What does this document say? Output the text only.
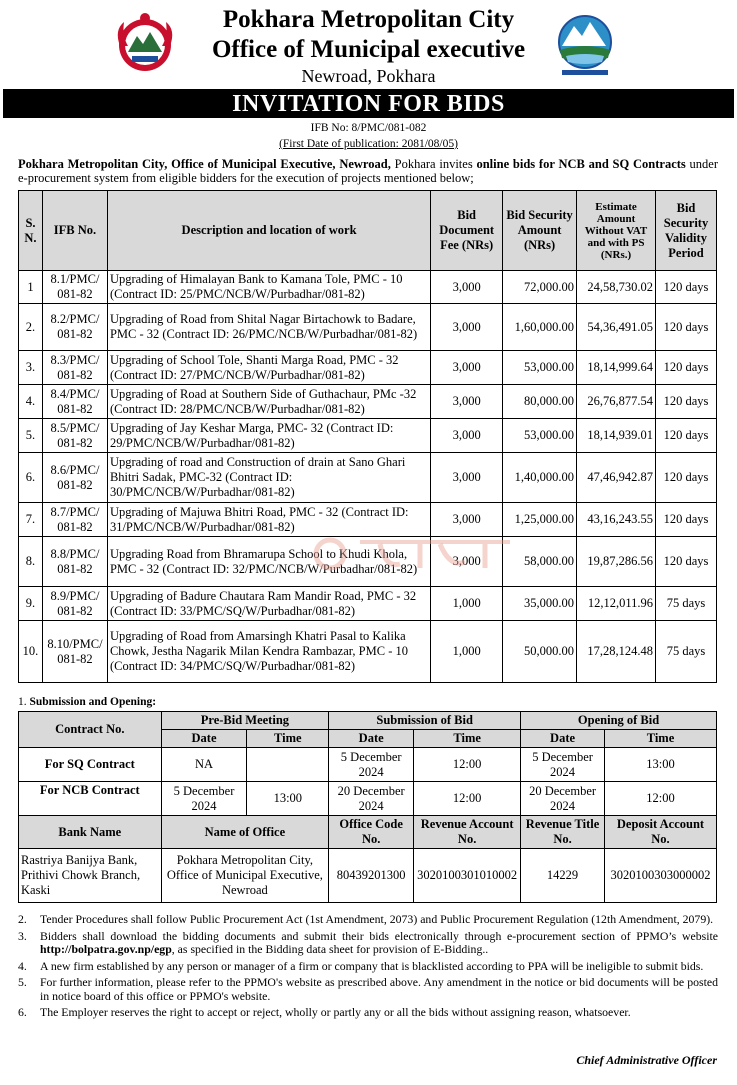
Pokhara Metropolitan City
Office of Municipal executive
Newroad, Pokhara
INVITATION FOR BIDS
IFB No: 8/PMC/081-082
(First Date of publication: 2081/08/05)
Pokhara Metropolitan City, Office of Municipal Executive, Newroad, Pokhara invites online bids for NCB and SQ Contracts under e-procurement system from eligible bidders for the execution of projects mentioned below;
S. N.	IFB No.	Description and location of work	Bid Document Fee (NRs)	Bid Security Amount (NRs)	Estimate Amount Without VAT and with PS (NRs.)	Bid Security Validity Period
1	8.1/PMC/ 081-82	Upgrading of Himalayan Bank to Kamana Tole, PMC - 10 (Contract ID: 25/PMC/NCB/W/Purbadhar/081-82)	3,000	72,000.00	24,58,730.02	120 days
2.	8.2/PMC/ 081-82	Upgrading of Road from Shital Nagar Birtachowk to Badare, PMC - 32 (Contract ID: 26/PMC/NCB/W/Purbadhar/081-82)	3,000	1,60,000.00	54,36,491.05	120 days
3.	8.3/PMC/ 081-82	Upgrading of School Tole, Shanti Marga Road, PMC - 32 (Contract ID: 27/PMC/NCB/W/Purbadhar/081-82)	3,000	53,000.00	18,14,999.64	120 days
4.	8.4/PMC/ 081-82	Upgrading of Road at Southern Side of Guthachaur, PMc -32 (Contract ID: 28/PMC/NCB/W/Purbadhar/081-82)	3,000	80,000.00	26,76,877.54	120 days
5.	8.5/PMC/ 081-82	Upgrading of Jay Keshar Marga, PMC- 32 (Contract ID: 29/PMC/NCB/W/Purbadhar/081-82)	3,000	53,000.00	18,14,939.01	120 days
6.	8.6/PMC/ 081-82	Upgrading of road and Construction of drain at Sano Ghari Bhitri Sadak, PMC-32 (Contract ID: 30/PMC/NCB/W/Purbadhar/081-82)	3,000	1,40,000.00	47,46,942.87	120 days
7.	8.7/PMC/ 081-82	Upgrading of Majuwa Bhitri Road, PMC - 32 (Contract ID: 31/PMC/NCB/W/Purbadhar/081-82)	3,000	1,25,000.00	43,16,243.55	120 days
8.	8.8/PMC/ 081-82	Upgrading Road from Bhramarupa School to Khudi Khola, PMC - 32 (Contract ID: 32/PMC/NCB/W/Purbadhar/081-82)	3,000	58,000.00	19,87,286.56	120 days
9.	8.9/PMC/ 081-82	Upgrading of Badure Chautara Ram Mandir Road, PMC - 32 (Contract ID: 33/PMC/SQ/W/Purbadhar/081-82)	1,000	35,000.00	12,12,011.96	75 days
10.	8.10/PMC/ 081-82	Upgrading of Road from Amarsingh Khatri Pasal to Kalika Chowk, Jestha Nagarik Milan Kendra Rambazar, PMC - 10 (Contract ID: 34/PMC/SQ/W/Purbadhar/081-82)	1,000	50,000.00	17,28,124.48	75 days
1. Submission and Opening:
Contract No.	Pre-Bid Meeting		Submission of Bid		Opening of Bid	
	Date	Time	Date	Time	Date	Time
For SQ Contract	NA		5 December 2024	12:00	5 December 2024	13:00
For NCB Contract	5 December 2024	13:00	20 December 2024	12:00	20 December 2024	12:00
Bank Name	Name of Office		Office Code No.	Revenue Account No.	Revenue Title No.	Deposit Account No.
Rastriya Banijya Bank, Prithivi Chowk Branch, Kaski	Pokhara Metropolitan City, Office of Municipal Executive, Newroad		80439201300	3020100301010002	14229	3020100303000002
2. Tender Procedures shall follow Public Procurement Act (1st Amendment, 2073) and Public Procurement Regulation (12th Amendment, 2079).
3. Bidders shall download the bidding documents and submit their bids electronically through e-procurement section of PPMO’s website http://bolpatra.gov.np/egp, as specified in the Bidding data sheet for provision of E-Bidding..
4. A new firm established by any person or manager of a firm or company that is blacklisted according to PPA will be ineligible to submit bids.
5. For further information, please refer to the PPMO's website as prescribed above. Any amendment in the notice or bid documents will be posted in notice board of this office or PPMO's website.
6. The Employer reserves the right to accept or reject, wholly or partly any or all the bids without assigning reason, whatsoever.
Chief Administrative Officer
